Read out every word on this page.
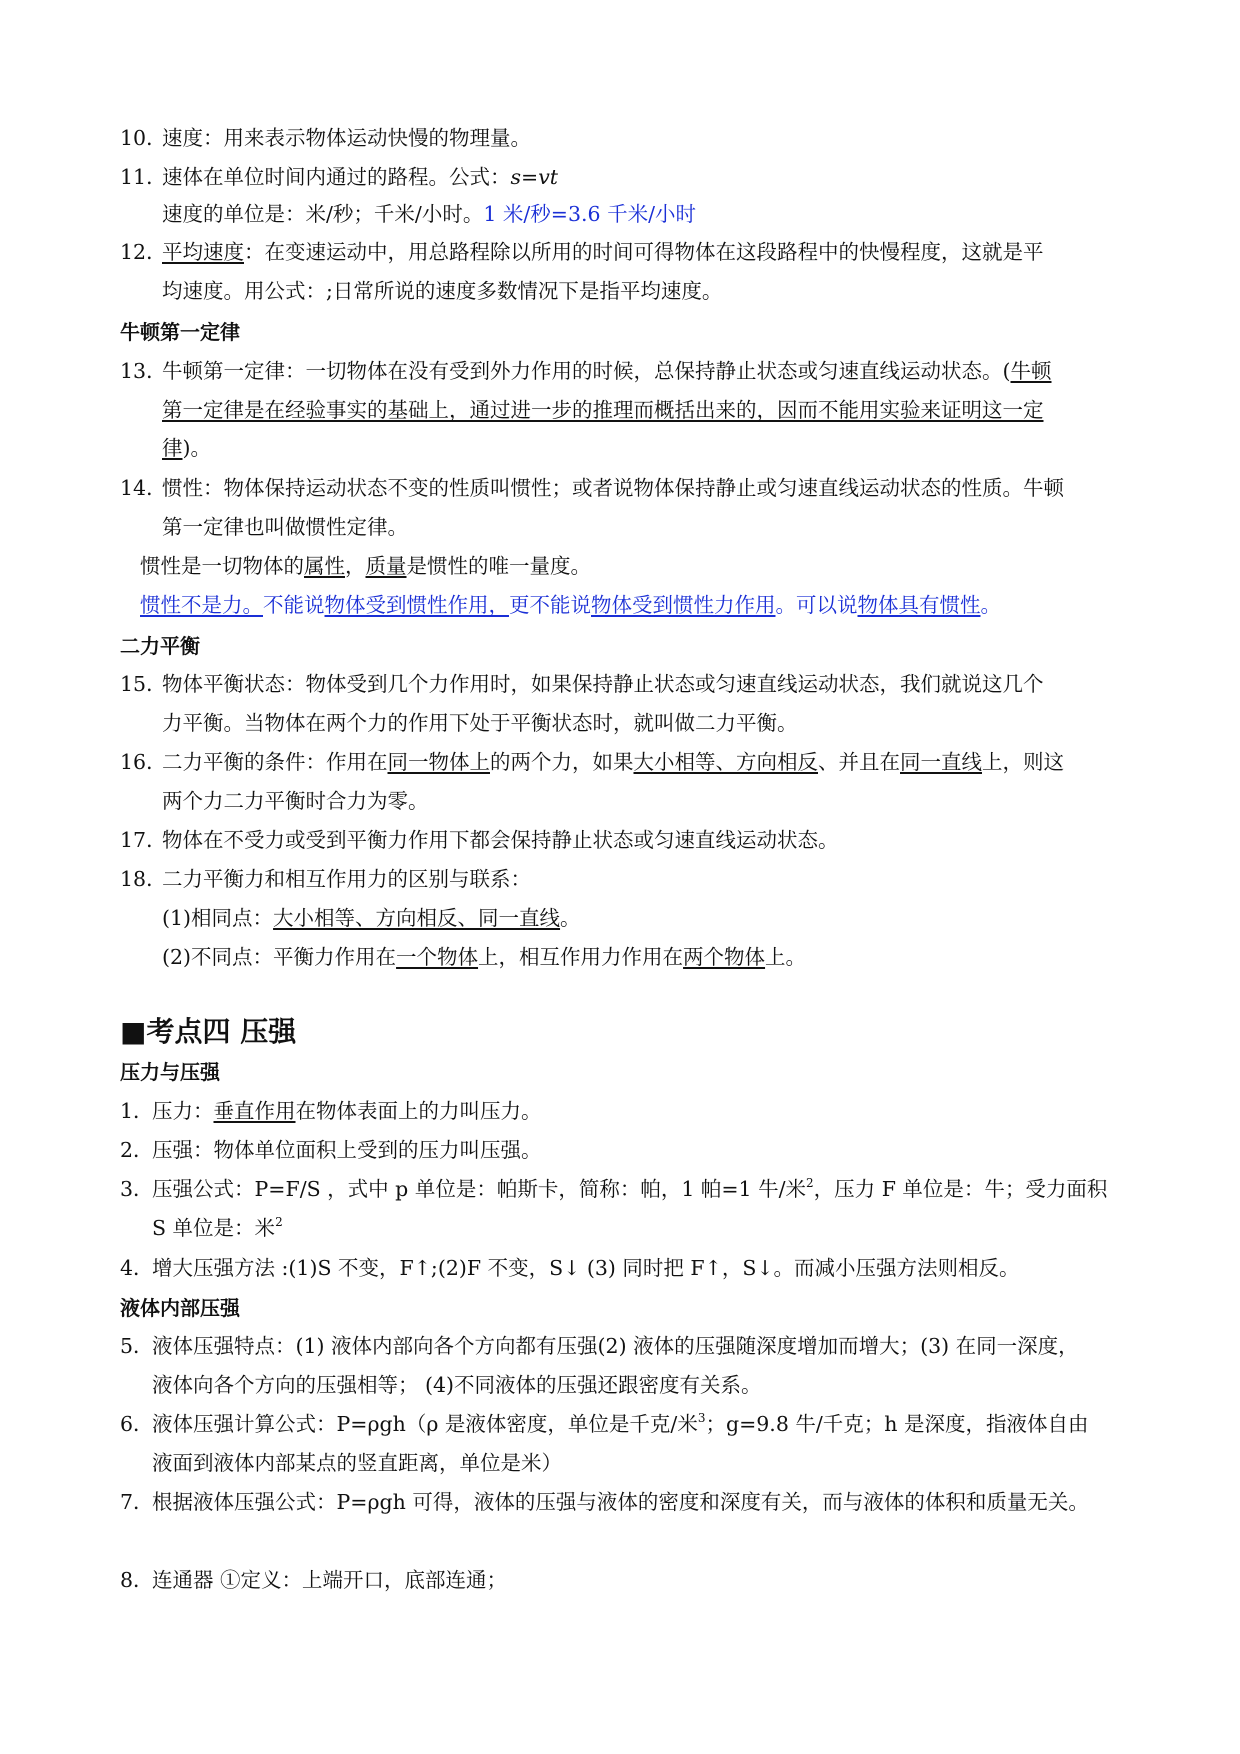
10．
速度：用来表示物体运动快慢的物理量。
11．
速体在单位时间内通过的路程。公式：s=vt
速度的单位是：米/秒；千米/小时。1 米/秒=3.6 千米/小时
12．
平均速度：在变速运动中，用总路程除以所用的时间可得物体在这段路程中的快慢程度，这就是平
均速度。用公式：;日常所说的速度多数情况下是指平均速度。
牛顿第一定律
13．
牛顿第一定律：一切物体在没有受到外力作用的时候，总保持静止状态或匀速直线运动状态。(牛顿
第一定律是在经验事实的基础上，通过进一步的推理而概括出来的，因而不能用实验来证明这一定
律)。
14．
惯性：物体保持运动状态不变的性质叫惯性；或者说物体保持静止或匀速直线运动状态的性质。牛顿
第一定律也叫做惯性定律。
惯性是一切物体的属性，质量是惯性的唯一量度。
惯性不是力。不能说物体受到惯性作用，更不能说物体受到惯性力作用。可以说物体具有惯性。
二力平衡
15．
物体平衡状态：物体受到几个力作用时，如果保持静止状态或匀速直线运动状态，我们就说这几个
力平衡。当物体在两个力的作用下处于平衡状态时，就叫做二力平衡。
16．
二力平衡的条件：作用在同一物体上的两个力，如果大小相等、方向相反、并且在同一直线上，则这
两个力二力平衡时合力为零。
17．
物体在不受力或受到平衡力作用下都会保持静止状态或匀速直线运动状态。
18．
二力平衡力和相互作用力的区别与联系：
(1)相同点：大小相等、方向相反、同一直线。
(2)不同点：平衡力作用在一个物体上，相互作用力作用在两个物体上。
■考点四 压强
压力与压强
1．
压力：垂直作用在物体表面上的力叫压力。
2．
压强：物体单位面积上受到的压力叫压强。
3．
压强公式：P=F/S ，式中 p 单位是：帕斯卡，简称：帕，1 帕=1 牛/米$^2$，压力 F 单位是：牛；受力面积
S 单位是：米$^2$
4．
增大压强方法 :(1)S 不变，F↑;(2)F 不变，S↓ (3) 同时把 F↑，S↓。而减小压强方法则相反。
液体内部压强
5．
液体压强特点：(1) 液体内部向各个方向都有压强(2) 液体的压强随深度增加而增大；(3) 在同一深度，
液体向各个方向的压强相等； (4)不同液体的压强还跟密度有关系。
6．
液体压强计算公式：P=ρgh（ρ 是液体密度，单位是千克/米$^3$；g=9.8 牛/千克；h 是深度，指液体自由
液面到液体内部某点的竖直距离，单位是米）
7．
根据液体压强公式：P=ρgh 可得，液体的压强与液体的密度和深度有关，而与液体的体积和质量无关。
8．
连通器 ①定义：上端开口，底部连通；
